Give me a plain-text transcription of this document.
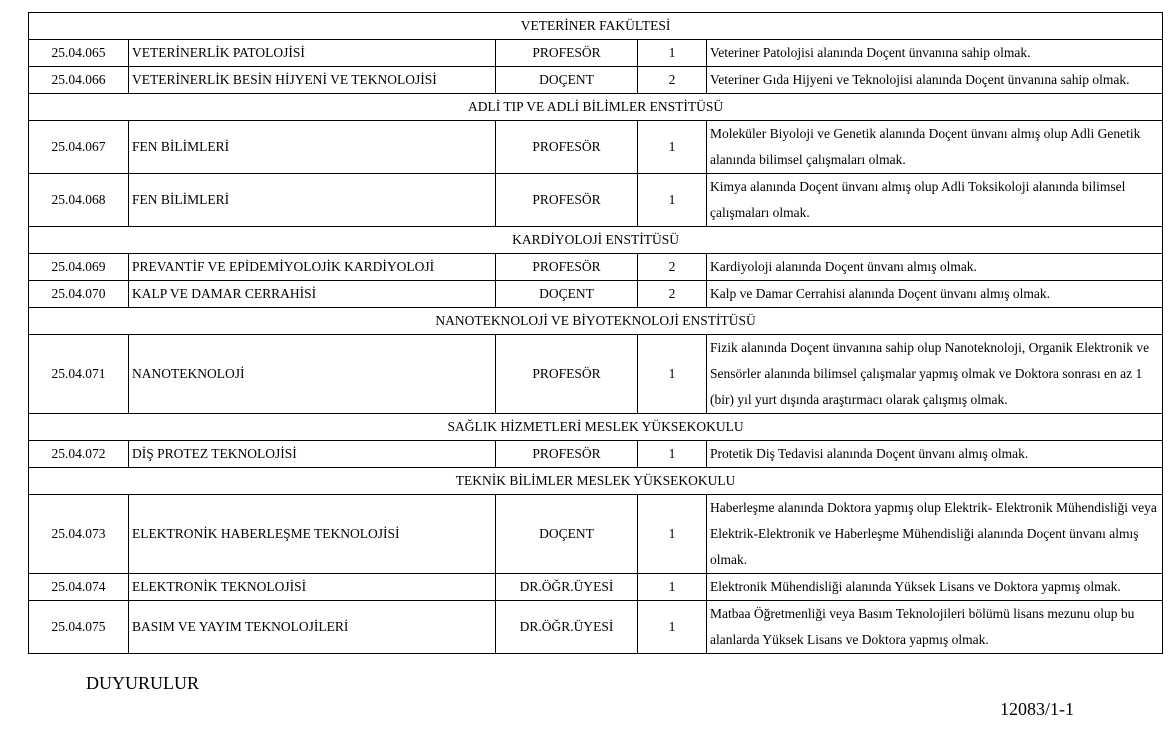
VETERİNER FAKÜLTESİ				
25.04.065	VETERİNERLİK PATOLOJİSİ	PROFESÖR	1	Veteriner Patolojisi alanında Doçent ünvanına sahip olmak.
25.04.066	VETERİNERLİK BESİN HİJYENİ VE TEKNOLOJİSİ	DOÇENT	2	Veteriner Gıda Hijyeni ve Teknolojisi alanında Doçent ünvanına sahip olmak.
ADLİ TIP VE ADLİ BİLİMLER ENSTİTÜSÜ				
25.04.067	FEN BİLİMLERİ	PROFESÖR	1	Moleküler Biyoloji ve Genetik alanında Doçent ünvanı almış olup Adli Genetik alanında bilimsel çalışmaları olmak.
25.04.068	FEN BİLİMLERİ	PROFESÖR	1	Kimya alanında Doçent ünvanı almış olup Adli Toksikoloji alanında bilimsel çalışmaları olmak.
KARDİYOLOJİ ENSTİTÜSÜ				
25.04.069	PREVANTİF VE EPİDEMİYOLOJİK KARDİYOLOJİ	PROFESÖR	2	Kardiyoloji alanında Doçent ünvanı almış olmak.
25.04.070	KALP VE DAMAR CERRAHİSİ	DOÇENT	2	Kalp ve Damar Cerrahisi alanında Doçent ünvanı almış olmak.
NANOTEKNOLOJİ VE BİYOTEKNOLOJİ ENSTİTÜSÜ				
25.04.071	NANOTEKNOLOJİ	PROFESÖR	1	Fizik alanında Doçent ünvanına sahip olup Nanoteknoloji, Organik Elektronik ve Sensörler alanında bilimsel çalışmalar yapmış olmak ve Doktora sonrası en az 1 (bir) yıl yurt dışında araştırmacı olarak çalışmış olmak.
SAĞLIK HİZMETLERİ MESLEK YÜKSEKOKULU				
25.04.072	DİŞ PROTEZ TEKNOLOJİSİ	PROFESÖR	1	Protetik Diş Tedavisi alanında Doçent ünvanı almış olmak.
TEKNİK BİLİMLER MESLEK YÜKSEKOKULU				
25.04.073	ELEKTRONİK HABERLEŞME TEKNOLOJİSİ	DOÇENT	1	Haberleşme alanında Doktora yapmış olup Elektrik- Elektronik Mühendisliği veya Elektrik-Elektronik ve Haberleşme Mühendisliği alanında Doçent ünvanı almış olmak.
25.04.074	ELEKTRONİK TEKNOLOJİSİ	DR.ÖĞR.ÜYESİ	1	Elektronik Mühendisliği alanında Yüksek Lisans ve Doktora yapmış olmak.
25.04.075	BASIM VE YAYIM TEKNOLOJİLERİ	DR.ÖĞR.ÜYESİ	1	Matbaa Öğretmenliği veya Basım Teknolojileri bölümü lisans mezunu olup bu alanlarda Yüksek Lisans ve Doktora yapmış olmak.
DUYURULUR
12083/1-1
